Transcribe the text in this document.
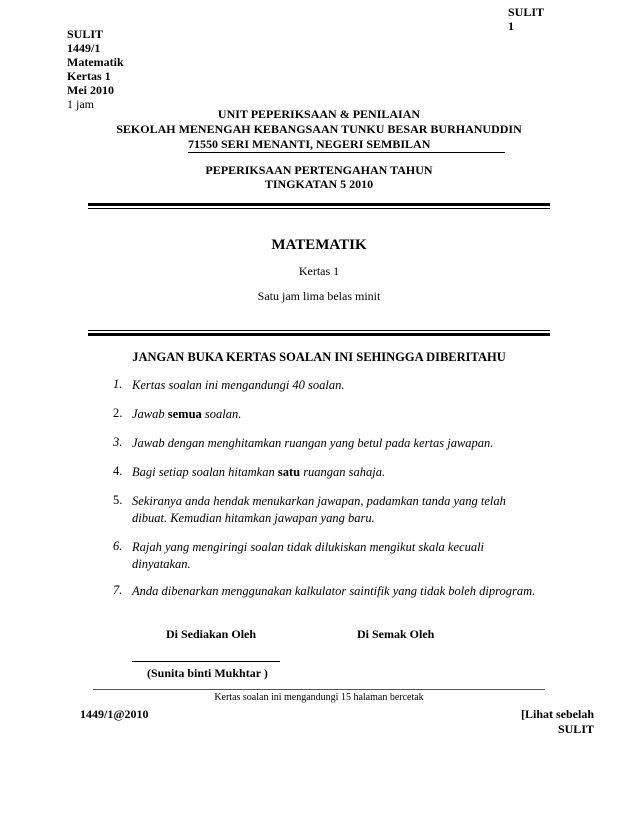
SULIT
1
SULIT
1449/1
Matematik
Kertas 1
Mei 2010
1 jam
UNIT PEPERIKSAAN & PENILAIAN
SEKOLAH MENENGAH KEBANGSAAN TUNKU BESAR BURHANUDDIN
71550 SERI MENANTI, NEGERI SEMBILAN
PEPERIKSAAN PERTENGAHAN TAHUN
TINGKATAN 5 2010
MATEMATIK
Kertas 1
Satu jam lima belas minit
JANGAN BUKA KERTAS SOALAN INI SEHINGGA DIBERITAHU
1. Kertas soalan ini mengandungi 40 soalan.
2. Jawab semua soalan.
3. Jawab dengan menghitamkan ruangan yang betul pada kertas jawapan.
4. Bagi setiap soalan hitamkan satu ruangan sahaja.
5. Sekiranya anda hendak menukarkan jawapan, padamkan tanda yang telah
dibuat. Kemudian hitamkan jawapan yang baru.
6. Rajah yang mengiringi soalan tidak dilukiskan mengikut skala kecuali
dinyatakan.
7. Anda dibenarkan menggunakan kalkulator saintifik yang tidak boleh diprogram.
Di Sediakan Oleh	Di Semak Oleh
(Sunita binti Mukhtar )
Kertas soalan ini mengandungi 15 halaman bercetak
1449/1@2010	[Lihat sebelah
SULIT
